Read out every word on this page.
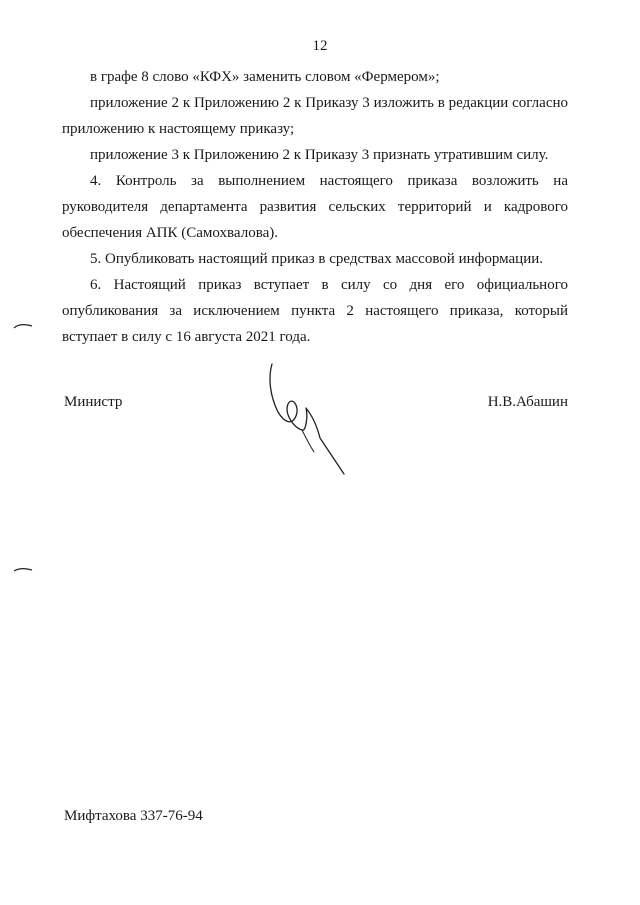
12

в графе 8 слово «КФХ» заменить словом «Фермером»;

приложение 2 к Приложению 2 к Приказу 3 изложить в редакции согласно приложению к настоящему приказу;

приложение 3 к Приложению 2 к Приказу 3 признать утратившим силу.

4. Контроль за выполнением настоящего приказа возложить на руководителя департамента развития сельских территорий и кадрового обеспечения АПК (Самохвалова).

5. Опубликовать настоящий приказ в средствах массовой информации.

6. Настоящий приказ вступает в силу со дня его официального опубликования за исключением пункта 2 настоящего приказа, который вступает в силу с 16 августа 2021 года.

Министр	Н.В.Абашин
Мифтахова 337-76-94
